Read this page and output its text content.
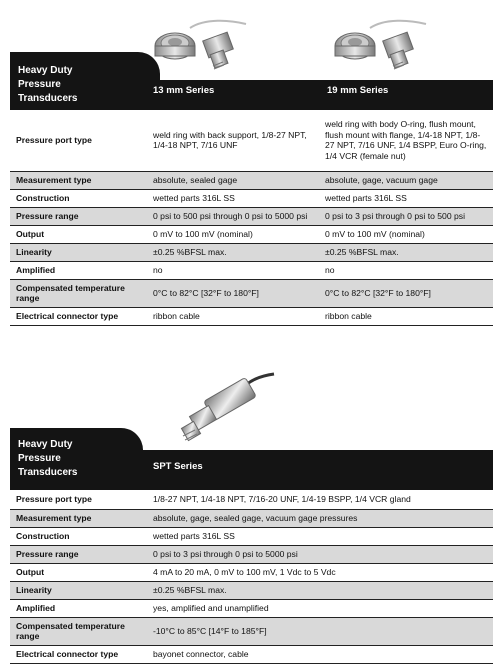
Heavy Duty
Pressure
Transducers
13 mm Series	19 mm Series
Pressure port type	weld ring with back support, 1/8-27 NPT, 1/4-18 NPT, 7/16 UNF	weld ring with body O-ring, flush mount, flush mount with flange, 1/4-18 NPT, 1/8-27 NPT, 7/16 UNF, 1/4 BSPP, Euro O-ring, 1/4 VCR (female nut)
Measurement type	absolute, sealed gage	absolute, gage, vacuum gage
Construction	wetted parts 316L SS	wetted parts 316L SS
Pressure range	0 psi to 500 psi through 0 psi to 5000 psi	0 psi to 3 psi through 0 psi to 500 psi
Output	0 mV to 100 mV (nominal)	0 mV to 100 mV (nominal)
Linearity	±0.25 %BFSL max.	±0.25 %BFSL max.
Amplified	no	no
Compensated temperature range	0°C to 82°C [32°F to 180°F]	0°C to 82°C [32°F to 180°F]
Electrical connector type	ribbon cable	ribbon cable
Heavy Duty
Pressure
Transducers
SPT Series
Pressure port type	1/8-27 NPT, 1/4-18 NPT, 7/16-20 UNF, 1/4-19 BSPP, 1/4 VCR gland
Measurement type	absolute, gage, sealed gage, vacuum gage pressures
Construction	wetted parts 316L SS
Pressure range	0 psi to 3 psi through 0 psi to 5000 psi
Output	4 mA to 20 mA, 0 mV to 100 mV, 1 Vdc to 5 Vdc
Linearity	±0.25 %BFSL max.
Amplified	yes, amplified and unamplified
Compensated temperature range	-10°C to 85°C [14°F to 185°F]
Electrical connector type	bayonet connector, cable
